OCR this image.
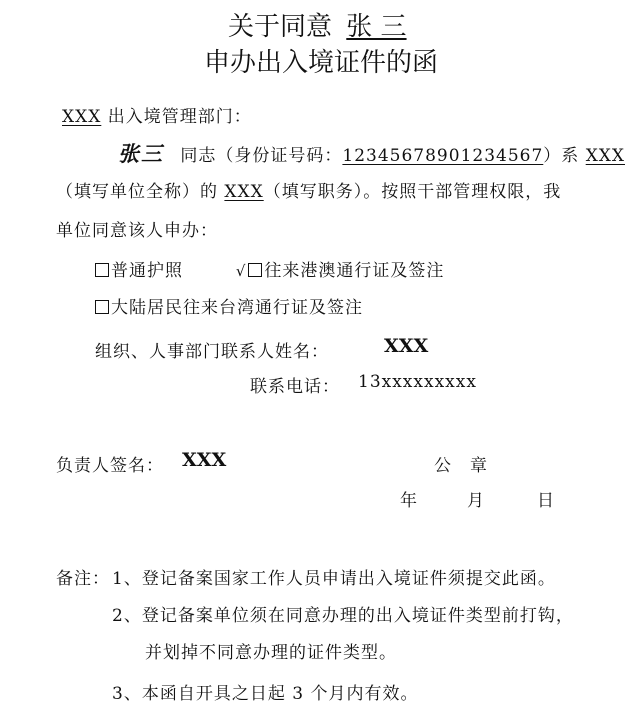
关于同意 张 三
申办出入境证件的函
XXX 出入境管理部门：
张三 同志（身份证号码：12345678901234567）系 XXX
（填写单位全称）的 XXX（填写职务）。按照干部管理权限，我
单位同意该人申办：
普通护照	√ 往来港澳通行证及签注
大陆居民往来台湾通行证及签注
组织、人事部门联系人姓名：	XXX
联系电话： 13xxxxxxxxx
负责人签名： XXX	公　章
年	月	日
备注： 1、登记备案国家工作人员申请出入境证件须提交此函。
2、登记备案单位须在同意办理的出入境证件类型前打钩，
并划掉不同意办理的证件类型。
3、本函自开具之日起 3 个月内有效。
